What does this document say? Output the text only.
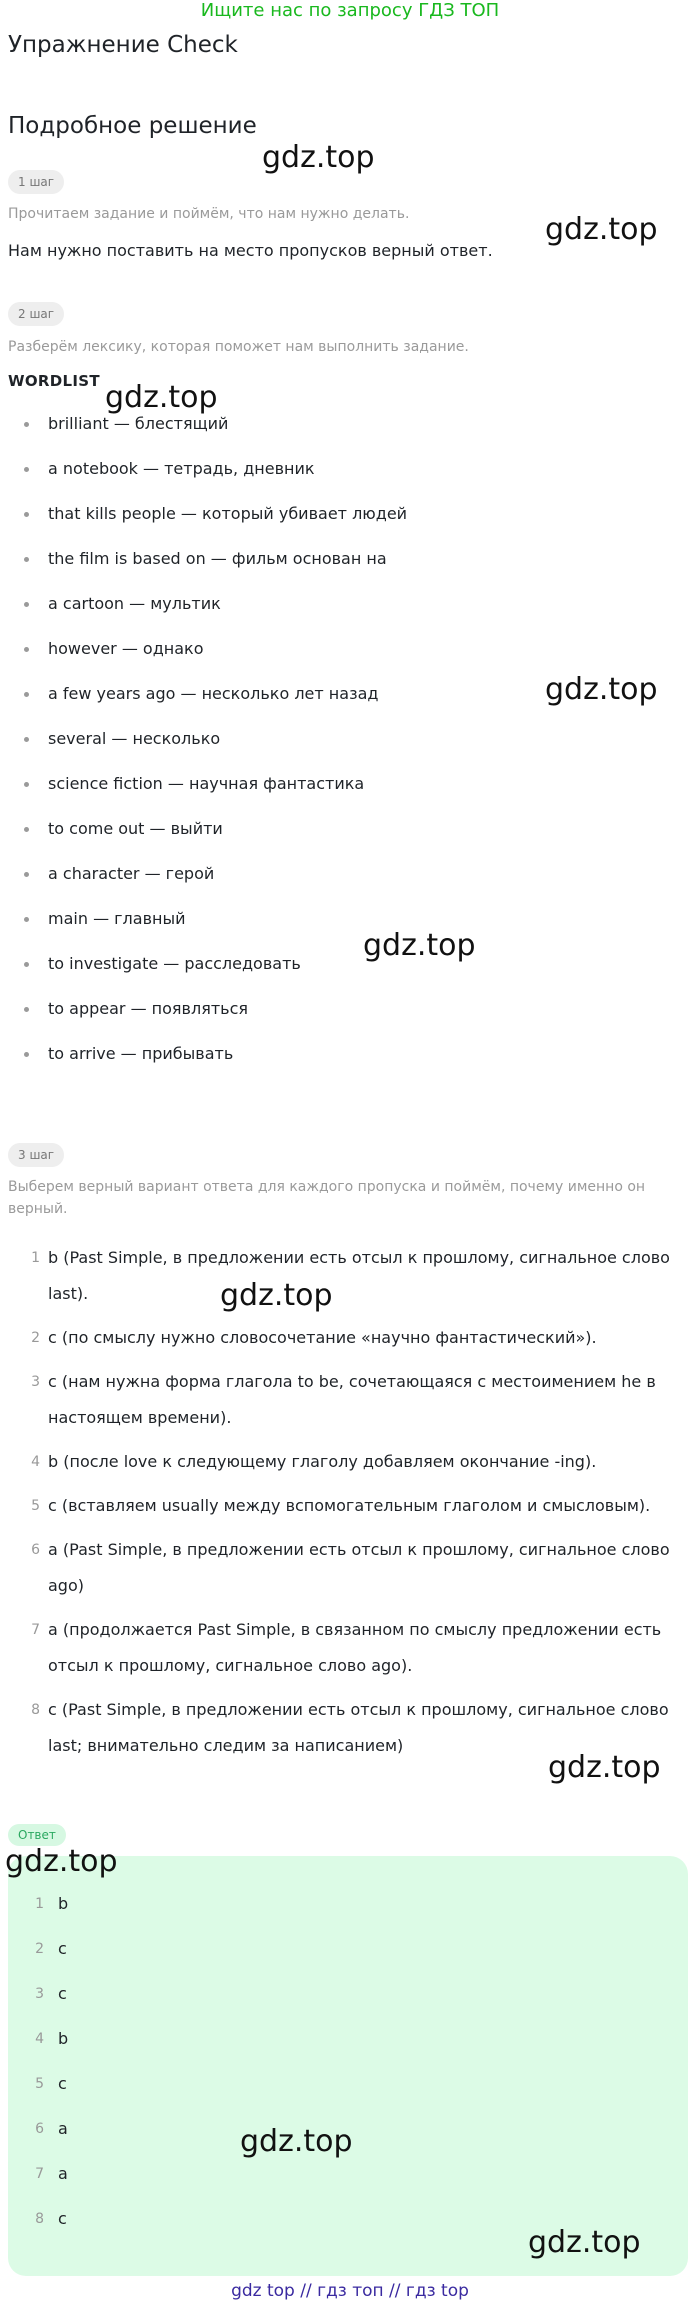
Ищите нас по запросу ГДЗ ТОП
Упражнение Check
Подробное решение
1 шаг
Прочитаем задание и поймём, что нам нужно делать.
Нам нужно поставить на место пропусков верный ответ.
2 шаг
Разберём лексику, которая поможет нам выполнить задание.
WORDLIST
brilliant — блестящий
a notebook — тетрадь, дневник
that kills people — который убивает людей
the film is based on — фильм основан на
a cartoon — мультик
however — однако
a few years ago — несколько лет назад
several — несколько
science fiction — научная фантастика
to come out — выйти
a character — герой
main — главный
to investigate — расследовать
to appear — появляться
to arrive — прибывать
3 шаг
Выберем верный вариант ответа для каждого пропуска и поймём, почему именно он верный.
1 b (Past Simple, в предложении есть отсыл к прошлому, сигнальное слово last).
2 c (по смыслу нужно словосочетание «научно фантастический»).
3 c (нам нужна форма глагола to be, сочетающаяся с местоимением he в настоящем времени).
4 b (после love к следующему глаголу добавляем окончание -ing).
5 c (вставляем usually между вспомогательным глаголом и смысловым).
6 a (Past Simple, в предложении есть отсыл к прошлому, сигнальное слово ago)
7 a (продолжается Past Simple, в связанном по смыслу предложении есть отсыл к прошлому, сигнальное слово ago).
8 c (Past Simple, в предложении есть отсыл к прошлому, сигнальное слово last; внимательно следим за написанием)
Ответ
1 b
2 c
3 c
4 b
5 c
6 a
7 a
8 c
gdz top // гдз топ // гдз top
gdz.top
gdz.top
gdz.top
gdz.top
gdz.top
gdz.top
gdz.top
gdz.top
gdz.top
gdz.top
